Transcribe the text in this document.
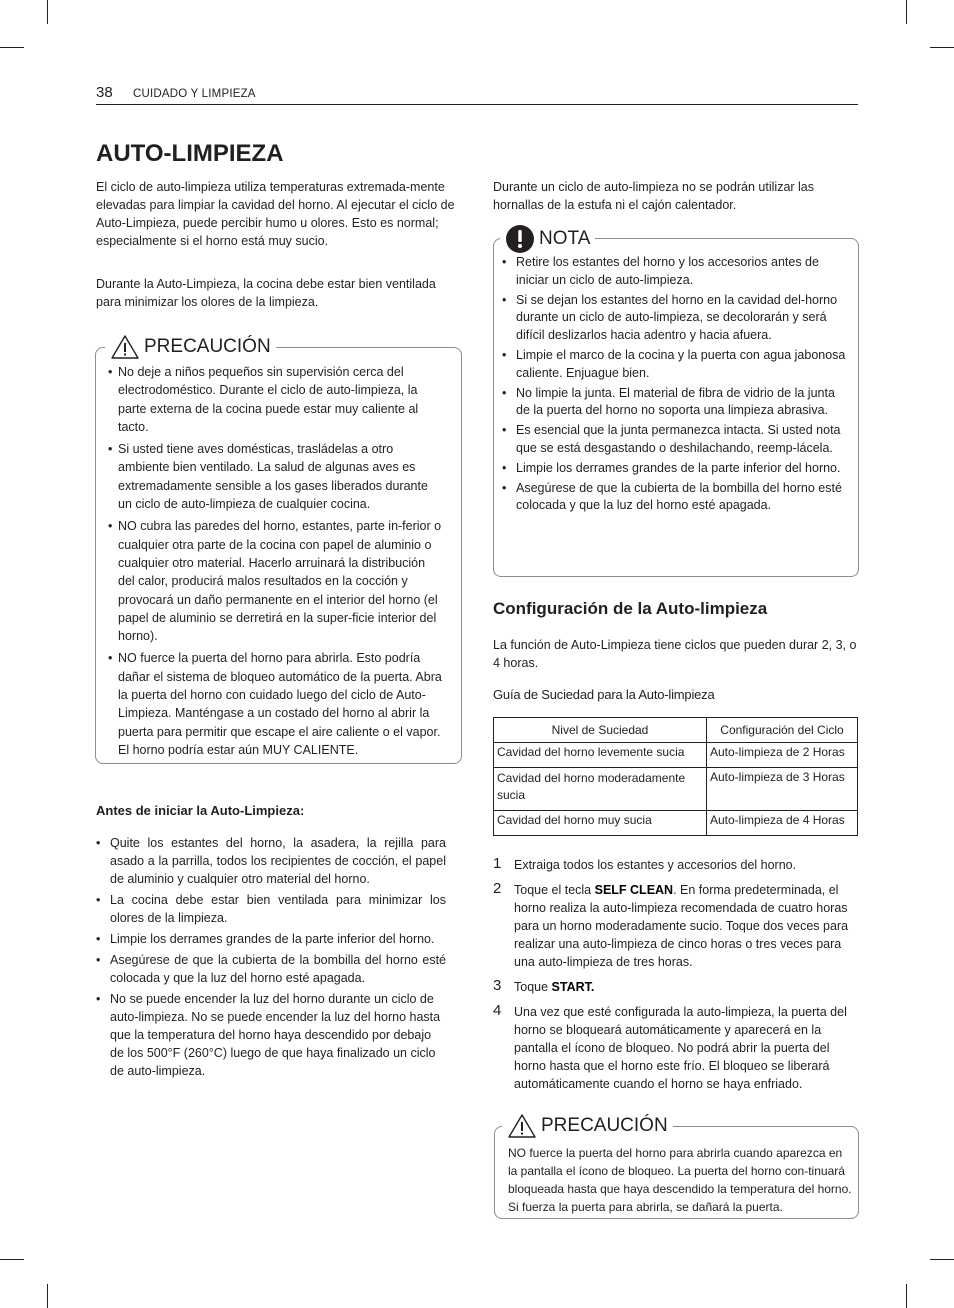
38 CUIDADO Y LIMPIEZA
AUTO-LIMPIEZA

El ciclo de auto-limpieza utiliza temperaturas extremada-mente elevadas para limpiar la cavidad del horno. Al ejecutar el ciclo de Auto-Limpieza, puede percibir humo u olores. Esto es normal; especialmente si el horno está muy sucio.

Durante la Auto-Limpieza, la cocina debe estar bien ventilada para minimizar los olores de la limpieza.

PRECAUCIÓN
• No deje a niños pequeños sin supervisión cerca del electrodoméstico. Durante el ciclo de auto-limpieza, la parte externa de la cocina puede estar muy caliente al tacto.
• Si usted tiene aves domésticas, trasládelas a otro ambiente bien ventilado. La salud de algunas aves es extremadamente sensible a los gases liberados durante un ciclo de auto-limpieza de cualquier cocina.
• NO cubra las paredes del horno, estantes, parte in-ferior o cualquier otra parte de la cocina con papel de aluminio o cualquier otro material. Hacerlo arruinará la distribución del calor, producirá malos resultados en la cocción y provocará un daño permanente en el interior del horno (el papel de aluminio se derretirá en la super-ficie interior del horno).
• NO fuerce la puerta del horno para abrirla. Esto podría dañar el sistema de bloqueo automático de la puerta. Abra la puerta del horno con cuidado luego del ciclo de Auto-Limpieza. Manténgase a un costado del horno al abrir la puerta para permitir que escape el aire caliente o el vapor. El horno podría estar aún MUY CALIENTE.
Antes de iniciar la Auto-Limpieza:
• Quite los estantes del horno, la asadera, la rejilla para asado a la parrilla, todos los recipientes de cocción, el papel de aluminio y cualquier otro material del horno.
• La cocina debe estar bien ventilada para minimizar los olores de la limpieza.
• Limpie los derrames grandes de la parte inferior del horno.
• Asegúrese de que la cubierta de la bombilla del horno esté colocada y que la luz del horno esté apagada.
• No se puede encender la luz del horno durante un ciclo de auto-limpieza. No se puede encender la luz del horno hasta que la temperatura del horno haya descendido por debajo de los 500°F (260°C) luego de que haya finalizado un ciclo de auto-limpieza.

Durante un ciclo de auto-limpieza no se podrán utilizar las hornallas de la estufa ni el cajón calentador.

NOTA
• Retire los estantes del horno y los accesorios antes de iniciar un ciclo de auto-limpieza.
• Si se dejan los estantes del horno en la cavidad del-horno durante un ciclo de auto-limpieza, se decolorarán y será difícil deslizarlos hacia adentro y hacia afuera.
• Limpie el marco de la cocina y la puerta con agua jabonosa caliente. Enjuague bien.
• No limpie la junta. El material de fibra de vidrio de la junta de la puerta del horno no soporta una limpieza abrasiva.
• Es esencial que la junta permanezca intacta. Si usted nota que se está desgastando o deshilachando, reemp-lácela.
• Limpie los derrames grandes de la parte inferior del horno.
• Asegúrese de que la cubierta de la bombilla del horno esté colocada y que la luz del horno esté apagada.
Configuración de la Auto-limpieza

La función de Auto-Limpieza tiene ciclos que pueden durar 2, 3, o 4 horas.

Guía de Suciedad para la Auto-limpieza
Nivel de Suciedad	Configuración del Ciclo
Cavidad del horno levemente sucia	Auto-limpieza de 2 Horas
Cavidad del horno moderadamente sucia	Auto-limpieza de 3 Horas
Cavidad del horno muy sucia	Auto-limpieza de 4 Horas
1 Extraiga todos los estantes y accesorios del horno.
2 Toque el tecla SELF CLEAN. En forma predeterminada, el horno realiza la auto-limpieza recomendada de cuatro horas para un horno moderadamente sucio. Toque dos veces para realizar una auto-limpieza de cinco horas o tres veces para una auto-limpieza de tres horas.
3 Toque START.
4 Una vez que esté configurada la auto-limpieza, la puerta del horno se bloqueará automáticamente y aparecerá en la pantalla el ícono de bloqueo. No podrá abrir la puerta del horno hasta que el horno este frío. El bloqueo se liberará automáticamente cuando el horno se haya enfriado.
PRECAUCIÓN

NO fuerce la puerta del horno para abrirla cuando aparezca en la pantalla el ícono de bloqueo. La puerta del horno con-tinuará bloqueada hasta que haya descendido la temperatura del horno. Si fuerza la puerta para abrirla, se dañará la puerta.
